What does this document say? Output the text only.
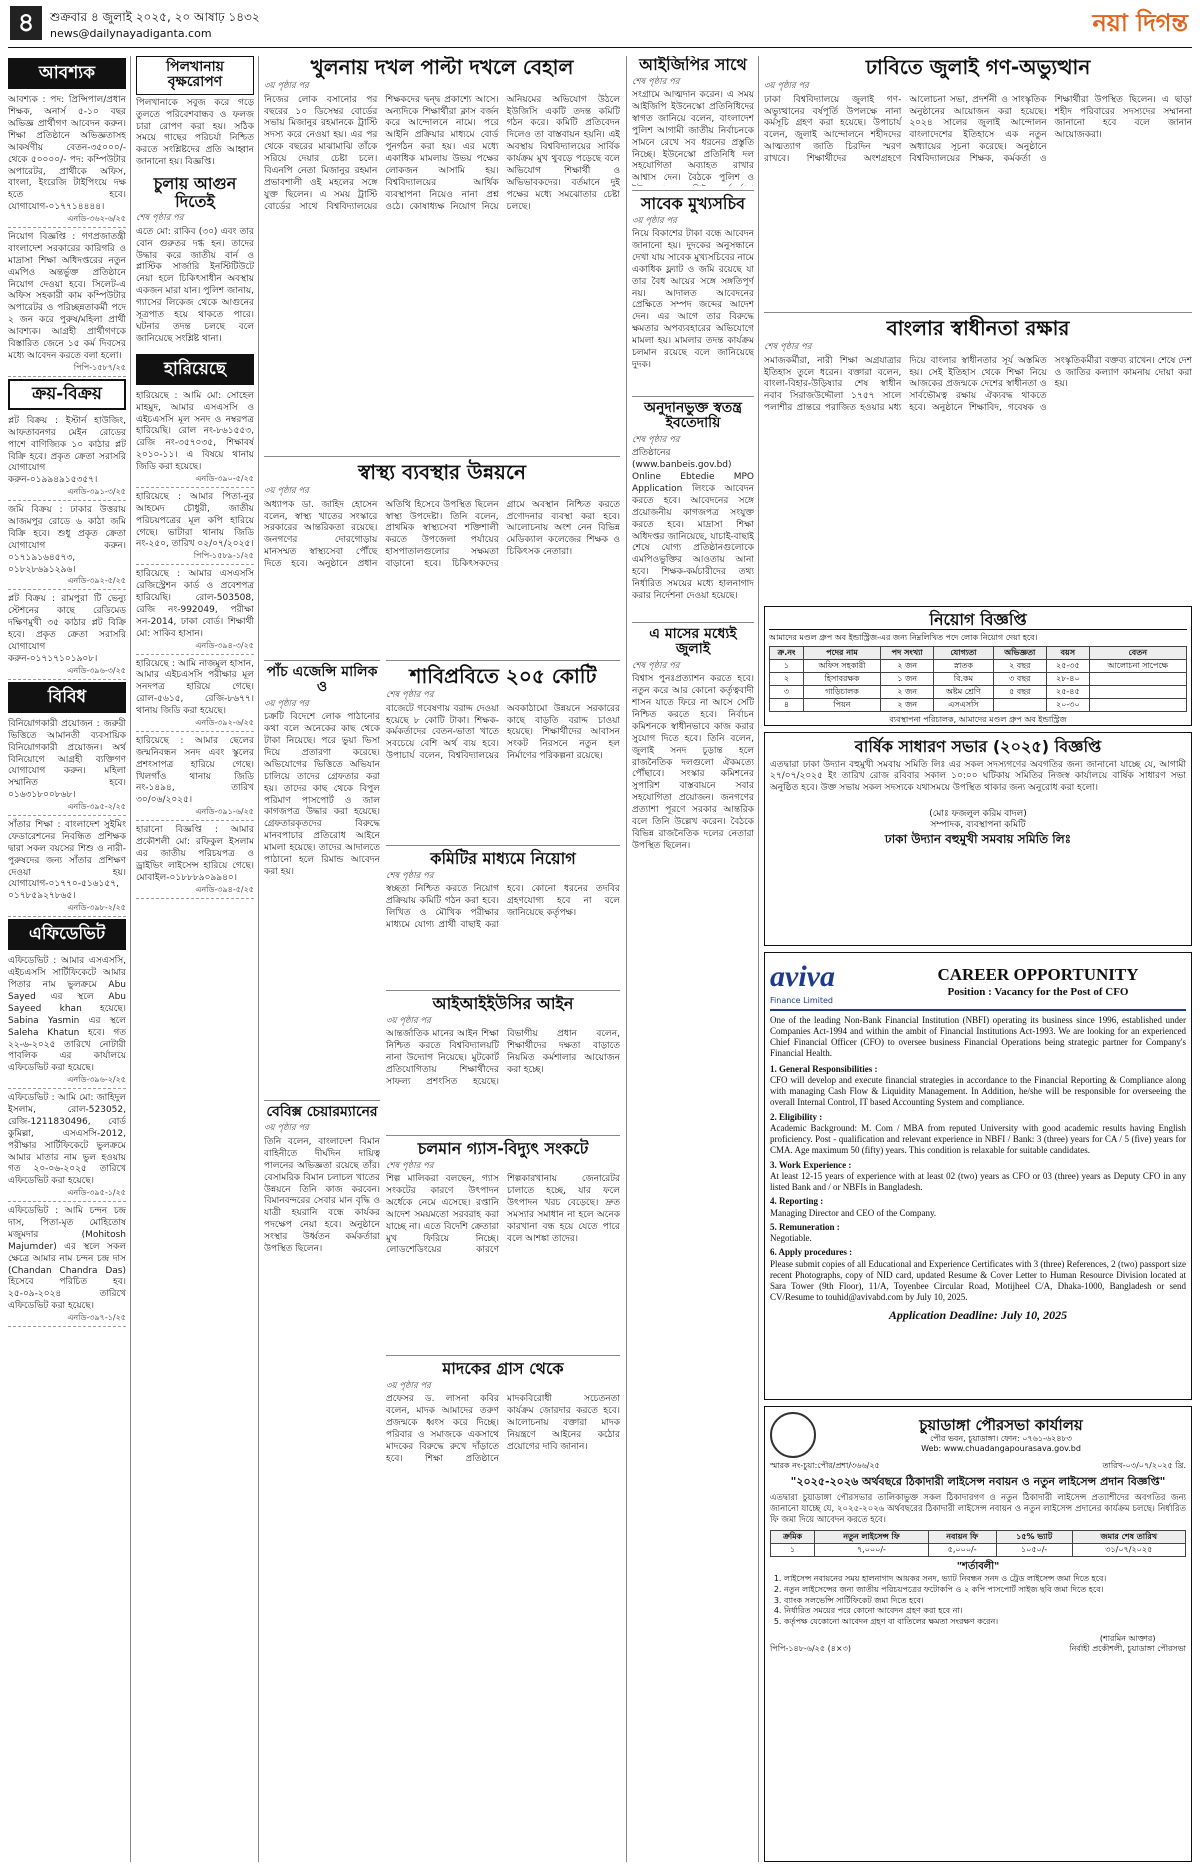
৪	শুক্রবার ৪ জুলাই ২০২৫, ২০ আষাঢ় ১৪৩২
news@dailynayadiganta.com	নয়া দিগন্ত
আবশ্যক
আবশ্যক : পদ: প্রিন্সিপাল/প্রধান শিক্ষক, অনার্স ৫-১০ বছর অভিজ্ঞ প্রার্থীগণ আবেদন করুন। শিক্ষা প্রতিষ্ঠানে অভিজ্ঞতাসহ আকর্ষণীয় বেতন-৩৫০০০/- থেকে ৫০০০০/- পদ: কম্পিউটার অপারেটর, প্রার্থীকে অফিস, বাংলা, ইংরেজি টাইপিংয়ে দক্ষ হতে হবে। যোগাযোগ-০১৭৭১৪৪৪৪।
এনডি-৩৬২-৬/২৫
নিয়োগ বিজ্ঞপ্তি : গণপ্রজাতন্ত্রী বাংলাদেশ সরকারের কারিগরি ও মাদ্রাসা শিক্ষা অধিদপ্তরের নতুন এমপিও অন্তর্ভুক্ত প্রতিষ্ঠানে নিয়োগ দেওয়া হবে। সিলেট-এ অফিস সহকারী কাম কম্পিউটার অপারেটর ও পরিচ্ছন্নতাকর্মী পদে ২ জন করে পুরুষ/মহিলা প্রার্থী আবশ্যক। আগ্রহী প্রার্থীগণকে বিস্তারিত জেনে ১৫ কর্ম দিবসের মধ্যে আবেদন করতে বলা হলো।
পিপি-১৫৮৭/২৫
ক্রয়-বিক্রয়
প্লট বিক্রয় : ইস্টার্ন হাউজিং, আফতাবনগর মেইন রোডের পাশে বাণিজ্যিক ১০ কাঠার প্লট বিক্রি হবে। প্রকৃত ক্রেতা সরাসরি যোগাযোগ করুন-০১৯৯৪৯১৫৩৫৭।
এনডি-৩৯১-৩/২৫
জমি বিক্রয় : ঢাকার উত্তরায় আজমপুর রোডে ৬ কাঠা জমি বিক্রি হবে। শুধু প্রকৃত ক্রেতা যোগাযোগ করুন। ০১৭১৯১৬৪৫৭৩, ০১৮২৮৬৯১২৯৬।
এনডি-৩৯২-৫/২৫
প্লট বিক্রয় : রামপুরা টি ভেন্যু স্টেশনের কাছে রেডিমেড দক্ষিণমুখী ৩৫ কাঠার প্লট বিক্রি হবে। প্রকৃত ক্রেতা সরাসরি যোগাযোগ করুন-০১৭১৭১০১৯০৮।
এনডি-৩৯৬-৩/২৫
বিবিধ
বিনিয়োগকারী প্রয়োজন : জরুরী ভিত্তিতে আমানতী ব্যবসায়িক বিনিয়োগকারী প্রয়োজন। অর্থ বিনিয়োগে আগ্রহী ব্যক্তিগণ যোগাযোগ করুন। মহিলা সম্মানিত হবে। ০১৬৩১৮০০৮৬৮।
এনডি-৩৯৫-২/২৫
সাঁতার শিক্ষা : বাংলাদেশ সুইমিং ফেডারেশনের নিবন্ধিত প্রশিক্ষক দ্বারা সকল বয়সের শিশু ও নারী-পুরুষদের জন্য সাঁতার প্রশিক্ষণ দেওয়া হয়। যোগাযোগ-০১৭৭০-৫১৬১৫৭, ০১৭৮৫৯২৭৮৬৫।
এনডি-৩৯৮-২/২৫
এফিডেভিট
এফিডেভিট : আমার এসএসসি, এইচএসসি সার্টিফিকেটে আমার পিতার নাম ভুলক্রমে Abu Sayed এর স্থলে Abu Sayeed khan হয়েছে। Sabina Yasmin এর স্থলে Saleha Khatun হবে। গত ২২-৬-২০২৫ তারিখে নোটারী পাবলিক এর কার্যালয়ে এফিডেভিট করা হয়েছে।
এনডি-৩৯৬-২/২৫
এফিডেভিট : আমি মো: জাহিদুল ইসলাম, রোল-523052, রেজি-1211830496, বোর্ড কুমিল্লা, এসএসসি-2012, পরীক্ষার সার্টিফিকেটে ভুলক্রমে আমার মাতার নাম ভুল হওয়ায় গত ২০-০৬-২০২৫ তারিখে এফিডেভিট করা হয়েছে।
এনডি-৩৯৫-১/২৫
এফিডেভিট : আমি চন্দন চন্দ্র দাস, পিতা-মৃত মোহিতোষ মজুমদার (Mohitosh Majumder) এর স্থলে সকল ক্ষেত্রে আমার নাম চন্দন চন্দ্র দাস (Chandan Chandra Das) হিসেবে পরিচিত হব। ২৫-০৯-২০২৪ তারিখে এফিডেভিট করা হয়েছে।
এনডি-৩৯৭-১/২৫
পিলখানায় বৃক্ষরোপণ
পিলখানাকে সবুজ করে গড়ে তুলতে পরিবেশবান্ধব ও ফলজ চারা রোপণ করা হয়। সঠিক সময়ে গাছের পরিচর্যা নিশ্চিত করতে সংশ্লিষ্টদের প্রতি আহ্বান জানানো হয়। বিজ্ঞপ্তি।
চুলায় আগুন দিতেই
শেষ পৃষ্ঠার পর
এতে মো: রাকিব (৩০) এবং তার বোন গুরুতর দগ্ধ হন। তাদের উদ্ধার করে জাতীয় বার্ন ও প্লাস্টিক সার্জারি ইনস্টিটিউটে নেয়া হলে চিকিৎসাধীন অবস্থায় একজন মারা যান। পুলিশ জানায়, গ্যাসের লিকেজ থেকে আগুনের সূত্রপাত হয়ে থাকতে পারে। ঘটনার তদন্ত চলছে বলে জানিয়েছে সংশ্লিষ্ট থানা।
হারিয়েছে
হারিয়েছে : আমি মো: সোহেল মাহমুদ, আমার এসএসসি ও এইচএসসি মূল সনদ ও নম্বরপত্র হারিয়েছি। রোল নং-৮৬১৫৫৩, রেজি নং-৩৫৭০৩৫, শিক্ষাবর্ষ ২০১০-১১। এ বিষয়ে থানায় জিডি করা হয়েছে।
এনডি-৩৯০-৫/২৫
হারিয়েছে : আমার পিতা-নুর আহমেদ চৌধুরী, জাতীয় পরিচয়পত্রের মূল কপি হারিয়ে গেছে। ভাটারা থানায় জিডি নং-২৫০, তারিখ ০২/০৭/২০২৫।
পিপি-১৫৮৯-১/২৫
হারিয়েছে : আমার এসএসসি রেজিস্ট্রেশন কার্ড ও প্রবেশপত্র হারিয়েছি। রোল-503508, রেজি নং-992049, পরীক্ষা সন-2014, ঢাকা বোর্ড। শিক্ষার্থী মো: সাকিব হাসান।
এনডি-৩৯৪-৩/২৫
হারিয়েছে : আমি নাজমুল হাসান, আমার এইচএসসি পরীক্ষার মূল সনদপত্র হারিয়ে গেছে। রোল-৫৬১৫, রেজি-৮৬৭৭। থানায় জিডি করা হয়েছে।
এনডি-৩৯২-৬/২৫
হারিয়েছে : আমার ছেলের জন্মনিবন্ধন সনদ এবং স্কুলের প্রশংসাপত্র হারিয়ে গেছে। খিলগাঁও থানায় জিডি নং-১৪৯৪, তারিখ ৩০/০৬/২০২৫।
এনডি-৩৯১-৬/২৫
হারানো বিজ্ঞপ্তি : আমার প্রকৌশলী মো: রফিকুল ইসলাম এর জাতীয় পরিচয়পত্র ও ড্রাইভিং লাইসেন্স হারিয়ে গেছে। মোবাইল-০১৮৮৮৯০৯৯৪০।
এনডি-৩৯৪-৫/২৫
খুলনায় দখল পাল্টা দখলে বেহাল
৩য় পৃষ্ঠার পর
নিজের লোক বসানোর পর বছরের ১০ ডিসেম্বর বোর্ডের সভায় মিজানুর রহমানকে ট্রাস্টি সদস্য করে নেওয়া হয়। এর পর থেকে বছরের মাঝামাঝি তাঁকে সরিয়ে দেয়ার চেষ্টা চলে। বিএনপি নেতা মিজানুর রহমান প্রভাবশালী ওই মহলের সঙ্গে যুক্ত ছিলেন। এ সময় ট্রাস্টি বোর্ডের সাথে বিশ্ববিদ্যালয়ের শিক্ষকদের দ্বন্দ্ব প্রকাশ্যে আসে। অন্যদিকে শিক্ষার্থীরা ক্লাস বর্জন করে আন্দোলনে নামে। পরে আইনি প্রক্রিয়ার মাধ্যমে বোর্ড পুনর্গঠন করা হয়। এর মধ্যে একাধিক মামলায় উভয় পক্ষের লোকজন আসামি হয়। বিশ্ববিদ্যালয়ের আর্থিক ব্যবস্থাপনা নিয়েও নানা প্রশ্ন ওঠে। কোষাধ্যক্ষ নিয়োগ নিয়ে অনিয়মের অভিযোগ উঠলে ইউজিসি একটি তদন্ত কমিটি গঠন করে। কমিটি প্রতিবেদন দিলেও তা বাস্তবায়ন হয়নি। এই অবস্থায় বিশ্ববিদ্যালয়ের সার্বিক কার্যক্রম মুখ থুবড়ে পড়েছে বলে অভিযোগ শিক্ষার্থী ও অভিভাবকদের। বর্তমানে দুই পক্ষের মধ্যে সমঝোতার চেষ্টা চলছে।
স্বাস্থ্য ব্যবস্থার উন্নয়নে
৩য় পৃষ্ঠার পর
অধ্যাপক ডা. জাহিদ হোসেন বলেন, স্বাস্থ্য খাতের সংস্কারে সরকারের আন্তরিকতা রয়েছে। জনগণের দোরগোড়ায় মানসম্মত স্বাস্থ্যসেবা পৌঁছে দিতে হবে। অনুষ্ঠানে প্রধান অতিথি হিসেবে উপস্থিত ছিলেন স্বাস্থ্য উপদেষ্টা। তিনি বলেন, প্রাথমিক স্বাস্থ্যসেবা শক্তিশালী করতে উপজেলা পর্যায়ের হাসপাতালগুলোর সক্ষমতা বাড়ানো হবে। চিকিৎসকদের গ্রামে অবস্থান নিশ্চিত করতে প্রণোদনার ব্যবস্থা করা হবে। আলোচনায় অংশ নেন বিভিন্ন মেডিক্যাল কলেজের শিক্ষক ও চিকিৎসক নেতারা।
পাঁচ এজেন্সি মালিক ও
৩য় পৃষ্ঠার পর
চক্রটি বিদেশে লোক পাঠানোর কথা বলে অনেকের কাছ থেকে টাকা নিয়েছে। পরে ভুয়া ভিসা দিয়ে প্রতারণা করেছে। অভিযোগের ভিত্তিতে অভিযান চালিয়ে তাদের গ্রেফতার করা হয়। তাদের কাছ থেকে বিপুল পরিমাণ পাসপোর্ট ও জাল কাগজপত্র উদ্ধার করা হয়েছে। গ্রেফতারকৃতদের বিরুদ্ধে মানবপাচার প্রতিরোধ আইনে মামলা হয়েছে। তাদের আদালতে পাঠানো হলে রিমান্ড আবেদন করা হয়।
বেবিক্স চেয়ারম্যানের
৩য় পৃষ্ঠার পর
তিনি বলেন, বাংলাদেশ বিমান বাহিনীতে দীর্ঘদিন দায়িত্ব পালনের অভিজ্ঞতা রয়েছে তাঁর। বেসামরিক বিমান চলাচল খাতের উন্নয়নে তিনি কাজ করবেন। বিমানবন্দরের সেবার মান বৃদ্ধি ও যাত্রী হয়রানি বন্ধে কার্যকর পদক্ষেপ নেয়া হবে। অনুষ্ঠানে সংস্থার উর্ধ্বতন কর্মকর্তারা উপস্থিত ছিলেন।
শাবিপ্রবিতে ২০৫ কোটি
শেষ পৃষ্ঠার পর
বাজেটে গবেষণায় বরাদ্দ দেওয়া হয়েছে ৮ কোটি টাকা। শিক্ষক-কর্মকর্তাদের বেতন-ভাতা খাতে সবচেয়ে বেশি অর্থ ব্যয় হবে। উপাচার্য বলেন, বিশ্ববিদ্যালয়ের অবকাঠামো উন্নয়নে সরকারের কাছে বাড়তি বরাদ্দ চাওয়া হয়েছে। শিক্ষার্থীদের আবাসন সংকট নিরসনে নতুন হল নির্মাণের পরিকল্পনা রয়েছে।
কমিটির মাধ্যমে নিয়োগ
শেষ পৃষ্ঠার পর
স্বচ্ছতা নিশ্চিত করতে নিয়োগ প্রক্রিয়ায় কমিটি গঠন করা হবে। লিখিত ও মৌখিক পরীক্ষার মাধ্যমে যোগ্য প্রার্থী বাছাই করা হবে। কোনো ধরনের তদবির গ্রহণযোগ্য হবে না বলে জানিয়েছে কর্তৃপক্ষ।
আইআইইউসির আইন
৩য় পৃষ্ঠার পর
আন্তর্জাতিক মানের আইন শিক্ষা নিশ্চিত করতে বিশ্ববিদ্যালয়টি নানা উদ্যোগ নিয়েছে। মুটকোর্ট প্রতিযোগিতায় শিক্ষার্থীদের সাফল্য প্রশংসিত হয়েছে। বিভাগীয় প্রধান বলেন, শিক্ষার্থীদের দক্ষতা বাড়াতে নিয়মিত কর্মশালার আয়োজন করা হচ্ছে।
চলমান গ্যাস-বিদ্যুৎ সংকটে
শেষ পৃষ্ঠার পর
শিল্প মালিকরা বলছেন, গ্যাস সংকটের কারণে উৎপাদন অর্ধেকে নেমে এসেছে। রপ্তানি আদেশ সময়মতো সরবরাহ করা যাচ্ছে না। এতে বিদেশি ক্রেতারা মুখ ফিরিয়ে নিচ্ছে। লোডশেডিংয়ের কারণে শিল্পকারখানায় জেনারেটর চালাতে হচ্ছে, যার ফলে উৎপাদন খরচ বেড়েছে। দ্রুত সমস্যার সমাধান না হলে অনেক কারখানা বন্ধ হয়ে যেতে পারে বলে আশঙ্কা তাদের।
মাদকের গ্রাস থেকে
৩য় পৃষ্ঠার পর
প্রফেসর ড. লাসনা কবির বলেন, মাদক আমাদের তরুণ প্রজন্মকে ধ্বংস করে দিচ্ছে। পরিবার ও সমাজকে একসাথে মাদকের বিরুদ্ধে রুখে দাঁড়াতে হবে। শিক্ষা প্রতিষ্ঠানে মাদকবিরোধী সচেতনতা কার্যক্রম জোরদার করতে হবে। আলোচনায় বক্তারা মাদক নিয়ন্ত্রণে আইনের কঠোর প্রয়োগের দাবি জানান।
আইজিপির সাথে
শেষ পৃষ্ঠার পর
সংগ্রামে আত্মদান করেন। এ সময় আইজিপি ইউনেস্কো প্রতিনিধিদের স্বাগত জানিয়ে বলেন, বাংলাদেশ পুলিশ আগামী জাতীয় নির্বাচনকে সামনে রেখে সব ধরনের প্রস্তুতি নিচ্ছে। ইউনেস্কো প্রতিনিধি দল সহযোগিতা অব্যাহত রাখার আশ্বাস দেন। বৈঠকে পুলিশ ও
সাবেক মুখ্যসচিব
৩য় পৃষ্ঠার পর
নিয়ে বিকাশের টাকা বন্ধে আবেদন জানানো হয়। দুদকের অনুসন্ধানে দেখা যায় সাবেক মুখ্যসচিবের নামে একাধিক ফ্ল্যাট ও জমি রয়েছে যা তার বৈধ আয়ের সঙ্গে সঙ্গতিপূর্ণ নয়। আদালত আবেদনের প্রেক্ষিতে সম্পদ জব্দের আদেশ দেন। এর আগে তার বিরুদ্ধে ক্ষমতার অপব্যবহারের অভিযোগে মামলা হয়। মামলার তদন্ত কার্যক্রম চলমান রয়েছে বলে জানিয়েছে দুদক।
অনুদানভুক্ত স্বতন্ত্র ইবতেদায়ি
শেষ পৃষ্ঠার পর
প্রতিষ্ঠানের (www.banbeis.gov.bd) Online Ebtedie MPO Application লিংকে আবেদন করতে হবে। আবেদনের সঙ্গে প্রয়োজনীয় কাগজপত্র সংযুক্ত করতে হবে। মাদ্রাসা শিক্ষা অধিদপ্তর জানিয়েছে, যাচাই-বাছাই শেষে যোগ্য প্রতিষ্ঠানগুলোকে এমপিওভুক্তির আওতায় আনা হবে। শিক্ষক-কর্মচারীদের তথ্য নির্ধারিত সময়ের মধ্যে হালনাগাদ করার নির্দেশনা দেওয়া হয়েছে।
এ মাসের মধ্যেই জুলাই
শেষ পৃষ্ঠার পর
বিশ্বাস পুনঃপ্রত্যাশন করতে হবে। নতুন করে আর কোনো কর্তৃত্ববাদী শাসন যাতে ফিরে না আসে সেটি নিশ্চিত করতে হবে। নির্বাচন কমিশনকে স্বাধীনভাবে কাজ করার সুযোগ দিতে হবে। তিনি বলেন, জুলাই সনদ চূড়ান্ত হলে রাজনৈতিক দলগুলো ঐকমত্যে পৌঁছাবে। সংস্কার কমিশনের সুপারিশ বাস্তবায়নে সবার সহযোগিতা প্রয়োজন। জনগণের প্রত্যাশা পূরণে সরকার আন্তরিক বলে তিনি উল্লেখ করেন। বৈঠকে বিভিন্ন রাজনৈতিক দলের নেতারা উপস্থিত ছিলেন।
ঢাবিতে জুলাই গণ-অভ্যুত্থান
৩য় পৃষ্ঠার পর
ঢাকা বিশ্ববিদ্যালয়ে জুলাই গণ-অভ্যুত্থানের বর্ষপূর্তি উপলক্ষে নানা কর্মসূচি গ্রহণ করা হয়েছে। উপাচার্য বলেন, জুলাই আন্দোলনে শহীদদের আত্মত্যাগ জাতি চিরদিন স্মরণ রাখবে। শিক্ষার্থীদের অংশগ্রহণে আলোচনা সভা, প্রদর্শনী ও সাংস্কৃতিক অনুষ্ঠানের আয়োজন করা হয়েছে। ২০২৪ সালের জুলাই আন্দোলন বাংলাদেশের ইতিহাসে এক নতুন অধ্যায়ের সূচনা করেছে। অনুষ্ঠানে বিশ্ববিদ্যালয়ের শিক্ষক, কর্মকর্তা ও শিক্ষার্থীরা উপস্থিত ছিলেন। এ ছাড়া শহীদ পরিবারের সদস্যদের সম্মাননা জানানো হবে বলে জানান আয়োজকরা।
বাংলার স্বাধীনতা রক্ষার
শেষ পৃষ্ঠার পর
সমাজকর্মীরা, নারী শিক্ষা অগ্রযাত্রার ইতিহাস তুলে ধরেন। বক্তারা বলেন, বাংলা-বিহার-উড়িষ্যার শেষ স্বাধীন নবাব সিরাজউদ্দৌলা ১৭৫৭ সালে পলাশীর প্রান্তরে পরাজিত হওয়ার মধ্য দিয়ে বাংলার স্বাধীনতার সূর্য অস্তমিত হয়। সেই ইতিহাস থেকে শিক্ষা নিয়ে আজকের প্রজন্মকে দেশের স্বাধীনতা ও সার্বভৌমত্ব রক্ষায় ঐক্যবদ্ধ থাকতে হবে। অনুষ্ঠানে শিক্ষাবিদ, গবেষক ও সংস্কৃতিকর্মীরা বক্তব্য রাখেন। শেষে দেশ ও জাতির কল্যাণ কামনায় দোয়া করা হয়।
নিয়োগ বিজ্ঞপ্তি
আমাদের মণ্ডল গ্রুপ অব ইন্ডাস্ট্রিজ-এর জন্য নিম্নলিখিত পদে লোক নিয়োগ দেয়া হবে।
ক্র.নং	পদের নাম	পদ সংখ্যা	যোগ্যতা	অভিজ্ঞতা	বয়স	বেতন
১	অফিস সহকারী	২ জন	স্নাতক	২ বছর	২৫-৩৫	আলোচনা সাপেক্ষে
২	হিসাবরক্ষক	১ জন	বি.কম	৩ বছর	২৮-৪০	
৩	গাড়িচালক	২ জন	অষ্টম শ্রেণি	৫ বছর	২৫-৪৫	
৪	পিয়ন	২ জন	এসএসসি		২০-৩০	
ব্যবস্থাপনা পরিচালক, আমাদের মণ্ডল গ্রুপ অব ইন্ডাস্ট্রিজ
বার্ষিক সাধারণ সভার (২০২৫) বিজ্ঞপ্তি
এতদ্বারা ঢাকা উদ্যান বহুমুখী সমবায় সমিতি লিঃ এর সকল সদস্যগণের অবগতির জন্য জানানো যাচ্ছে যে, আগামী ২৭/০৭/২০২৫ ইং তারিখ রোজ রবিবার সকাল ১০:০০ ঘটিকায় সমিতির নিজস্ব কার্যালয়ে বার্ষিক সাধারণ সভা অনুষ্ঠিত হবে। উক্ত সভায় সকল সদস্যকে যথাসময়ে উপস্থিত থাকার জন্য অনুরোধ করা হলো।
(মোঃ ফজলুল করিম বাদল)
সম্পাদক, ব্যবস্থাপনা কমিটি
ঢাকা উদ্যান বহুমুখী সমবায় সমিতি লিঃ
aviva
Finance Limited
CAREER OPPORTUNITY
Position : Vacancy for the Post of CFO
One of the leading Non-Bank Financial Institution (NBFI) operating its business since 1996, established under Companies Act-1994 and within the ambit of Financial Institutions Act-1993. We are looking for an experienced Chief Financial Officer (CFO) to oversee business Financial Operations being strategic partner for Company's Financial Health.
1. General Responsibilities :
CFO will develop and execute financial strategies in accordance to the Financial Reporting & Compliance along with managing Cash Flow & Liquidity Management. In Addition, he/she will be responsible for overseeing the overall Internal Control, IT based Accounting System and compliance.
2. Eligibility :
Academic Background: M. Com / MBA from reputed University with good academic results having English proficiency. Post - qualification and relevant experience in NBFI / Bank: 3 (three) years for CA / 5 (five) years for CMA. Age maximum 50 (fifty) years. This condition is relaxable for suitable candidates.
3. Work Experience :
At least 12-15 years of experience with at least 02 (two) years as CFO or 03 (three) years as Deputy CFO in any listed Bank and / or NBFIs in Bangladesh.
4. Reporting :
Managing Director and CEO of the Company.
5. Remuneration :
Negotiable.
6. Apply procedures :
Please submit copies of all Educational and Experience Certificates with 3 (three) References, 2 (two) passport size recent Photographs, copy of NID card, updated Resume & Cover Letter to Human Resource Division located at Sara Tower (9th Floor), 11/A, Toyenbee Circular Road, Motijheel C/A, Dhaka-1000, Bangladesh or send CV/Resume to touhid@avivabd.com by July 10, 2025.
Application Deadline: July 10, 2025
চুয়াডাঙ্গা পৌরসভা কার্যালয়
পৌর ভবন, চুয়াডাঙ্গা। ফোন: ০৭৬১-৬২৪৮৩
Web: www.chuadangapourasava.gov.bd
স্মারক নং-চুয়া:পৌর/প্রশা/৩৬৬/২৫	তারিখ-০৩/০৭/২০২৫ খ্রি.
"২০২৫-২০২৬ অর্থবছরে ঠিকাদারী লাইসেন্স নবায়ন ও নতুন লাইসেন্স প্রদান বিজ্ঞপ্তি"
এতদ্বারা চুয়াডাঙ্গা পৌরসভার তালিকাভুক্ত সকল ঠিকাদারগণ ও নতুন ঠিকাদারী লাইসেন্স প্রত্যাশীদের অবগতির জন্য জানানো যাচ্ছে যে, ২০২৫-২০২৬ অর্থবছরের ঠিকাদারী লাইসেন্স নবায়ন ও নতুন লাইসেন্স প্রদানের কার্যক্রম চলছে। নির্ধারিত ফি জমা দিয়ে আবেদন করতে হবে।
ক্রমিক	নতুন লাইসেন্স ফি	নবায়ন ফি	১৫% ভ্যাট	জমার শেষ তারিখ
১	৭,০০০/-	৫,০০০/-	১০৫০/-	৩১/০৭/২০২৫
"শর্তাবলী"
1. লাইসেন্স নবায়নের সময় হালনাগাদ আয়কর সনদ, ভ্যাট নিবন্ধন সনদ ও ট্রেড লাইসেন্স জমা দিতে হবে।
2. নতুন লাইসেন্সের জন্য জাতীয় পরিচয়পত্রের ফটোকপি ও ২ কপি পাসপোর্ট সাইজ ছবি জমা দিতে হবে।
3. ব্যাংক সলভেন্সি সার্টিফিকেট জমা দিতে হবে।
4. নির্ধারিত সময়ের পরে কোনো আবেদন গ্রহণ করা হবে না।
5. কর্তৃপক্ষ যেকোনো আবেদন গ্রহণ বা বাতিলের ক্ষমতা সংরক্ষণ করেন।
পিপি-১৪৮-৬/২৫ (৪×৩)
(শারমিন আক্তার)
নির্বাহী প্রকৌশলী, চুয়াডাঙ্গা পৌরসভা
